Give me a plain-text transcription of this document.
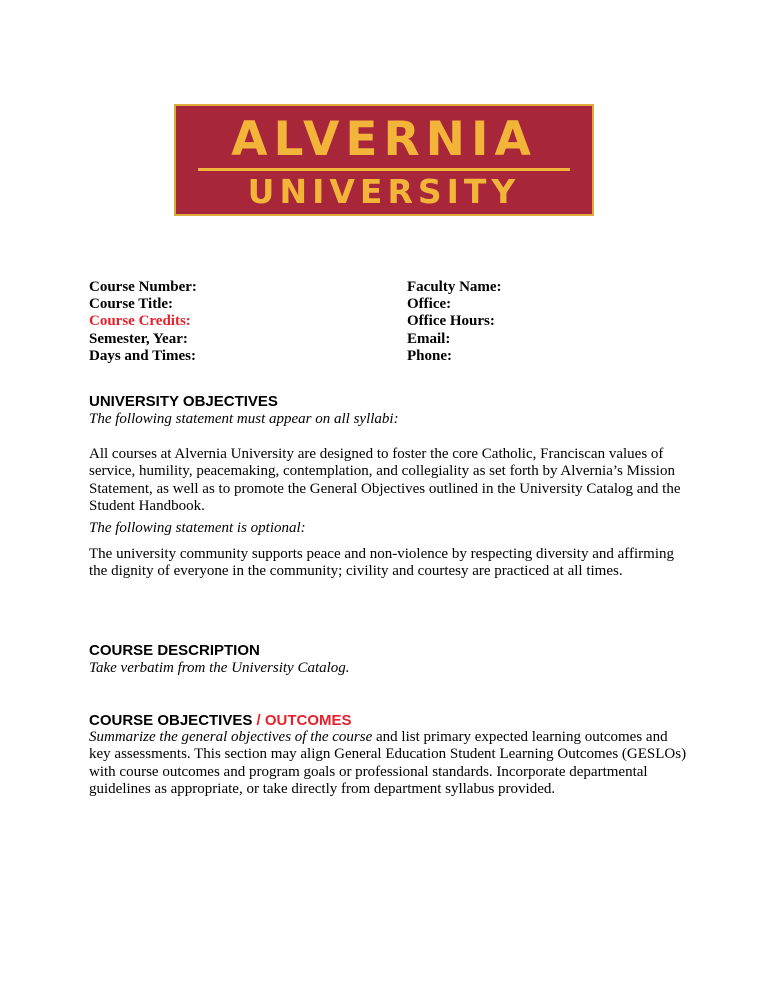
ALVERNIA
UNIVERSITY
Course Number:
Course Title:
Course Credits:
Semester, Year:
Days and Times:
Faculty Name:
Office:
Office Hours:
Email:
Phone:
UNIVERSITY OBJECTIVES

The following statement must appear on all syllabi:

All courses at Alvernia University are designed to foster the core Catholic, Franciscan values of service, humility, peacemaking, contemplation, and collegiality as set forth by Alvernia’s Mission Statement, as well as to promote the General Objectives outlined in the University Catalog and the Student Handbook.

The following statement is optional:

The university community supports peace and non-violence by respecting diversity and affirming the dignity of everyone in the community; civility and courtesy are practiced at all times.

COURSE DESCRIPTION

Take verbatim from the University Catalog.

COURSE OBJECTIVES / OUTCOMES

Summarize the general objectives of the course and list primary expected learning outcomes and key assessments. This section may align General Education Student Learning Outcomes (GESLOs) with course outcomes and program goals or professional standards. Incorporate departmental guidelines as appropriate, or take directly from department syllabus provided.
